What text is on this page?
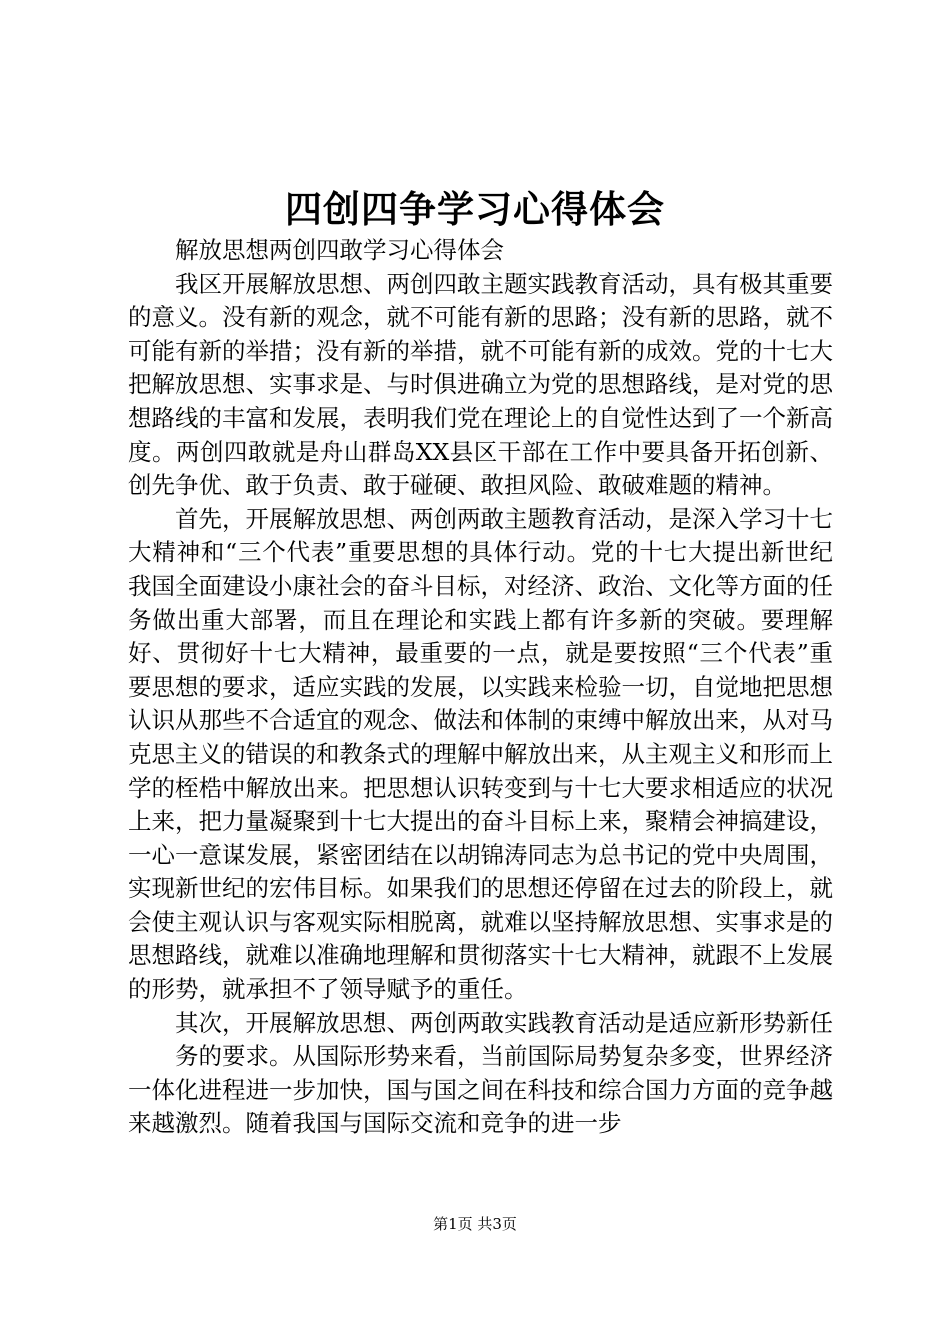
四创四争学习心得体会

解放思想两创四敢学习心得体会

我区开展解放思想、两创四敢主题实践教育活动，具有极其重要的意义。没有新的观念，就不可能有新的思路；没有新的思路，就不可能有新的举措；没有新的举措，就不可能有新的成效。党的十七大把解放思想、实事求是、与时俱进确立为党的思想路线，是对党的思想路线的丰富和发展，表明我们党在理论上的自觉性达到了一个新高度。两创四敢就是舟山群岛XX县区干部在工作中要具备开拓创新、创先争优、敢于负责、敢于碰硬、敢担风险、敢破难题的精神。

首先，开展解放思想、两创两敢主题教育活动，是深入学习十七大精神和“三个代表”重要思想的具体行动。党的十七大提出新世纪我国全面建设小康社会的奋斗目标，对经济、政治、文化等方面的任务做出重大部署，而且在理论和实践上都有许多新的突破。要理解好、贯彻好十七大精神，最重要的一点，就是要按照“三个代表”重要思想的要求，适应实践的发展，以实践来检验一切，自觉地把思想认识从那些不合适宜的观念、做法和体制的束缚中解放出来，从对马克思主义的错误的和教条式的理解中解放出来，从主观主义和形而上学的桎梏中解放出来。把思想认识转变到与十七大要求相适应的状况上来，把力量凝聚到十七大提出的奋斗目标上来，聚精会神搞建设，一心一意谋发展，紧密团结在以胡锦涛同志为总书记的党中央周围，实现新世纪的宏伟目标。如果我们的思想还停留在过去的阶段上，就会使主观认识与客观实际相脱离，就难以坚持解放思想、实事求是的思想路线，就难以准确地理解和贯彻落实十七大精神，就跟不上发展的形势，就承担不了领导赋予的重任。

其次，开展解放思想、两创两敢实践教育活动是适应新形势新任

务的要求。从国际形势来看，当前国际局势复杂多变，世界经济一体化进程进一步加快，国与国之间在科技和综合国力方面的竞争越来越激烈。随着我国与国际交流和竞争的进一步

第1页 共3页
